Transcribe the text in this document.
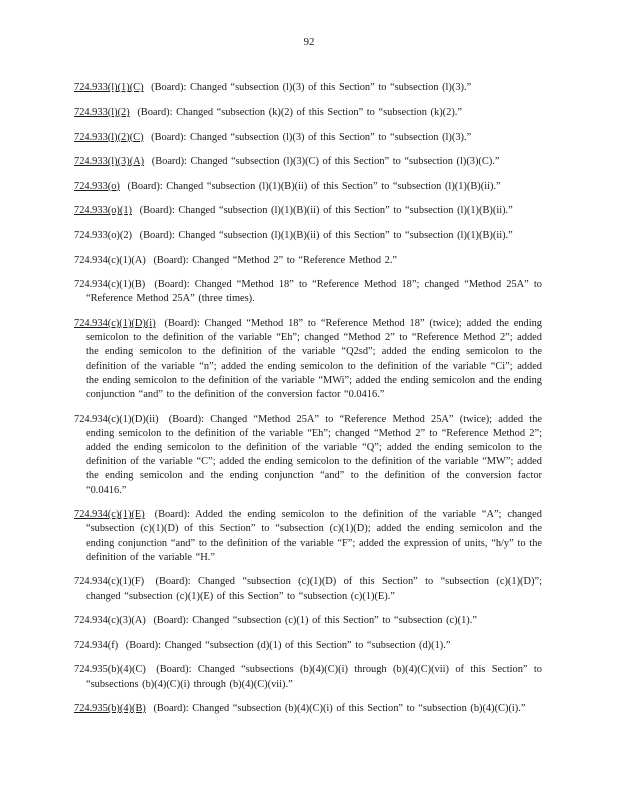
92

724.933(l)(1)(C) (Board): Changed “subsection (l)(3) of this Section” to “subsection (l)(3).”

724.933(l)(2) (Board): Changed “subsection (k)(2) of this Section” to “subsection (k)(2).”

724.933(l)(2)(C) (Board): Changed “subsection (l)(3) of this Section” to “subsection (l)(3).”

724.933(l)(3)(A) (Board): Changed “subsection (l)(3)(C) of this Section” to “subsection (l)(3)(C).”

724.933(o) (Board): Changed “subsection (l)(1)(B)(ii) of this Section” to “subsection (l)(1)(B)(ii).”

724.933(o)(1) (Board): Changed “subsection (l)(1)(B)(ii) of this Section” to “subsection (l)(1)(B)(ii).”

724.933(o)(2) (Board): Changed “subsection (l)(1)(B)(ii) of this Section” to “subsection (l)(1)(B)(ii).”

724.934(c)(1)(A) (Board): Changed “Method 2” to “Reference Method 2.”

724.934(c)(1)(B) (Board): Changed “Method 18” to “Reference Method 18”; changed “Method 25A” to “Reference Method 25A” (three times).

724.934(c)(1)(D)(i) (Board): Changed “Method 18” to “Reference Method 18” (twice); added the ending semicolon to the definition of the variable “Eh”; changed “Method 2” to “Reference Method 2”; added the ending semicolon to the definition of the variable “Q2sd”; added the ending semicolon to the definition of the variable “n”; added the ending semicolon to the definition of the variable “Ci”; added the ending semicolon to the definition of the variable “MWi”; added the ending semicolon and the ending conjunction “and” to the definition of the conversion factor “0.0416.”

724.934(c)(1)(D)(ii) (Board): Changed “Method 25A” to “Reference Method 25A” (twice); added the ending semicolon to the definition of the variable “Eh”; changed “Method 2” to “Reference Method 2”; added the ending semicolon to the definition of the variable “Q”; added the ending semicolon to the definition of the variable “C”; added the ending semicolon to the definition of the variable “MW”; added the ending semicolon and the ending conjunction “and” to the definition of the conversion factor “0.0416.”

724.934(c)(1)(E) (Board): Added the ending semicolon to the definition of the variable “A”; changed “subsection (c)(1)(D) of this Section” to “subsection (c)(1)(D); added the ending semicolon and the ending conjunction “and” to the definition of the variable “F”; added the expression of units, “h/y” to the definition of the variable “H.”

724.934(c)(1)(F) (Board): Changed “subsection (c)(1)(D) of this Section” to “subsection (c)(1)(D)”; changed “subsection (c)(1)(E) of this Section” to “subsection (c)(1)(E).”

724.934(c)(3)(A) (Board): Changed “subsection (c)(1) of this Section” to “subsection (c)(1).”

724.934(f) (Board): Changed “subsection (d)(1) of this Section” to “subsection (d)(1).”

724.935(b)(4)(C) (Board): Changed “subsections (b)(4)(C)(i) through (b)(4)(C)(vii) of this Section” to “subsections (b)(4)(C)(i) through (b)(4)(C)(vii).”

724.935(b)(4)(B) (Board): Changed “subsection (b)(4)(C)(i) of this Section” to “subsection (b)(4)(C)(i).”
